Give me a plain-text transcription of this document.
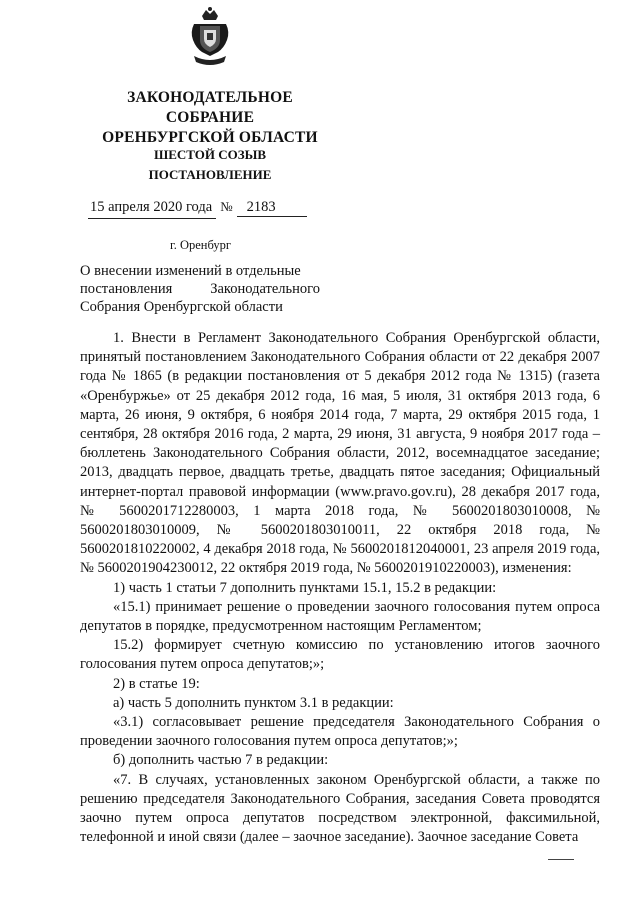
ЗАКОНОДАТЕЛЬНОЕ
СОБРАНИЕ
ОРЕНБУРГСКОЙ ОБЛАСТИ
ШЕСТОЙ СОЗЫВ
ПОСТАНОВЛЕНИЕ
15 апреля 2020 года № 2183
г. Оренбург
О внесении изменений в отдельные
постановления	Законодательного
Собрания Оренбургской области

1. Внести в Регламент Законодательного Собрания Оренбургской области, принятый постановлением Законодательного Собрания области от 22 декабря 2007 года № 1865 (в редакции постановления от 5 декабря 2012 года № 1315) (газета «Оренбуржье» от 25 декабря 2012 года, 16 мая, 5 июля, 31 октября 2013 года, 6 марта, 26 июня, 9 октября, 6 ноября 2014 года, 7 марта, 29 октября 2015 года, 1 сентября, 28 октября 2016 года, 2 марта, 29 июня, 31 августа, 9 ноября 2017 года – бюллетень Законодательного Собрания области, 2012, восемнадцатое заседание; 2013, двадцать первое, двадцать третье, двадцать пятое заседания; Официальный интернет-портал правовой информации (www.pravo.gov.ru), 28 декабря 2017 года, № 5600201712280003, 1 марта 2018 года, № 5600201803010008, № 5600201803010009, № 5600201803010011, 22 октября 2018 года, № 5600201810220002, 4 декабря 2018 года, № 5600201812040001, 23 апреля 2019 года, № 5600201904230012, 22 октября 2019 года, № 5600201910220003), изменения:

1) часть 1 статьи 7 дополнить пунктами 15.1, 15.2 в редакции:

«15.1) принимает решение о проведении заочного голосования путем опроса депутатов в порядке, предусмотренном настоящим Регламентом;

15.2) формирует счетную комиссию по установлению итогов заочного голосования путем опроса депутатов;»;

2) в статье 19:

а) часть 5 дополнить пунктом 3.1 в редакции:

«3.1) согласовывает решение председателя Законодательного Собрания о проведении заочного голосования путем опроса депутатов;»;

б) дополнить частью 7 в редакции:

«7. В случаях, установленных законом Оренбургской области, а также по решению председателя Законодательного Собрания, заседания Совета проводятся заочно путем опроса депутатов посредством электронной, факсимильной, телефонной и иной связи (далее – заочное заседание). Заочное заседание Совета
